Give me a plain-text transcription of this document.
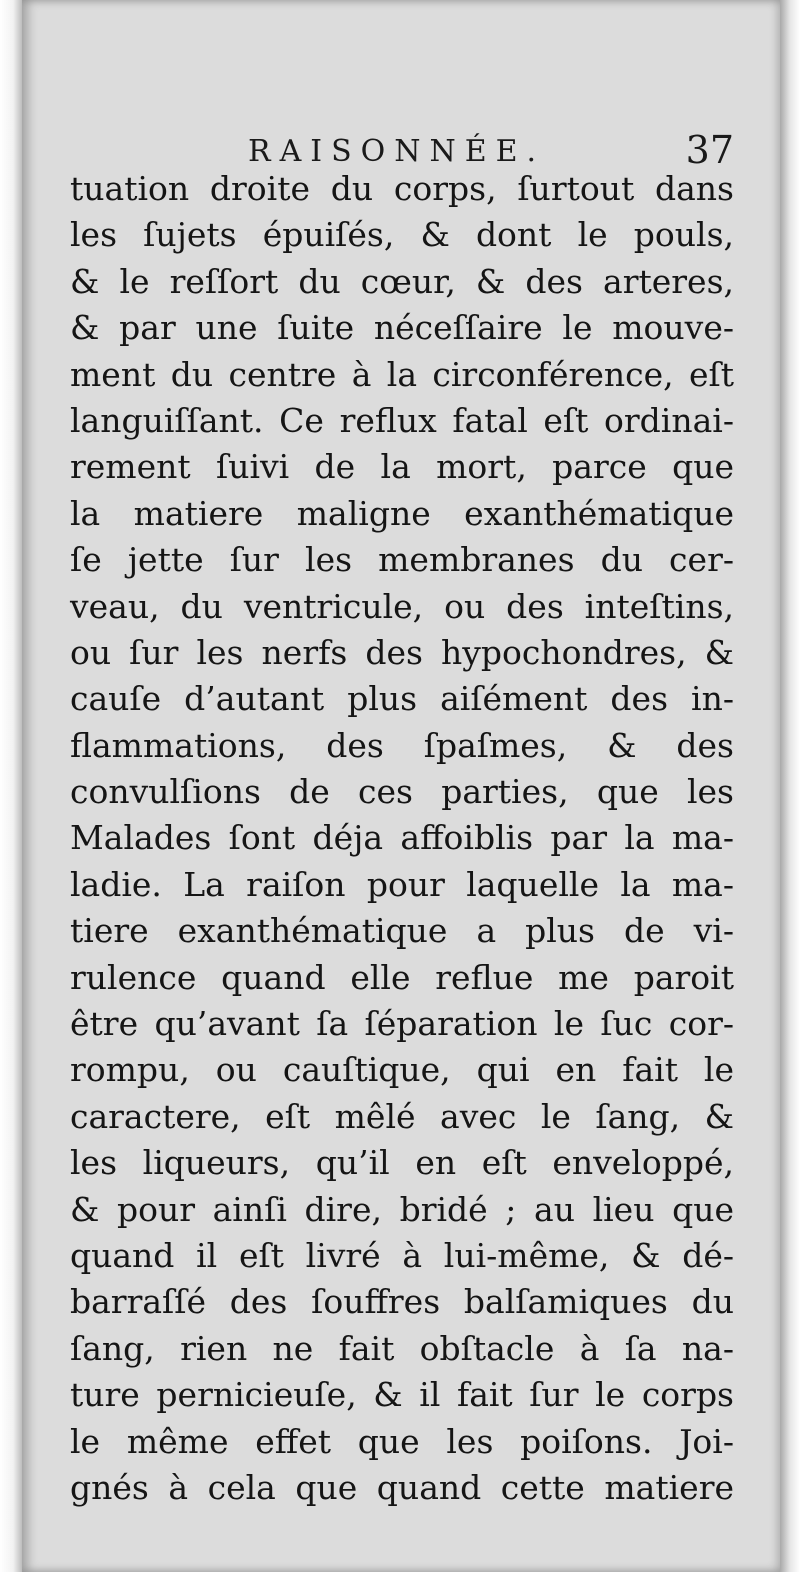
RAISONNÉE.	37
tuation droite du corps, ſurtout dans
les ſujets épuiſés, & dont le pouls,
& le reſſort du cœur, & des arteres,
& par une ſuite néceſſaire le mouve-
ment du centre à la circonférence, eſt
languiſſant. Ce reflux fatal eſt ordinai-
rement ſuivi de la mort, parce que
la matiere maligne exanthématique
ſe jette ſur les membranes du cer-
veau, du ventricule, ou des inteſtins,
ou ſur les nerfs des hypochondres, &
cauſe d’autant plus aiſément des in-
flammations, des ſpaſmes, & des
convulſions de ces parties, que les
Malades ſont déja affoiblis par la ma-
ladie. La raiſon pour laquelle la ma-
tiere exanthématique a plus de vi-
rulence quand elle reflue me paroit
être qu’avant ſa ſéparation le ſuc cor-
rompu, ou cauſtique, qui en fait le
caractere, eſt mêlé avec le ſang, &
les liqueurs, qu’il en eſt enveloppé,
& pour ainſi dire, bridé ; au lieu que
quand il eſt livré à lui-même, & dé-
barraſſé des ſouffres balſamiques du
ſang, rien ne fait obſtacle à ſa na-
ture pernicieuſe, & il fait ſur le corps
le même effet que les poiſons. Joi-
gnés à cela que quand cette matiere
